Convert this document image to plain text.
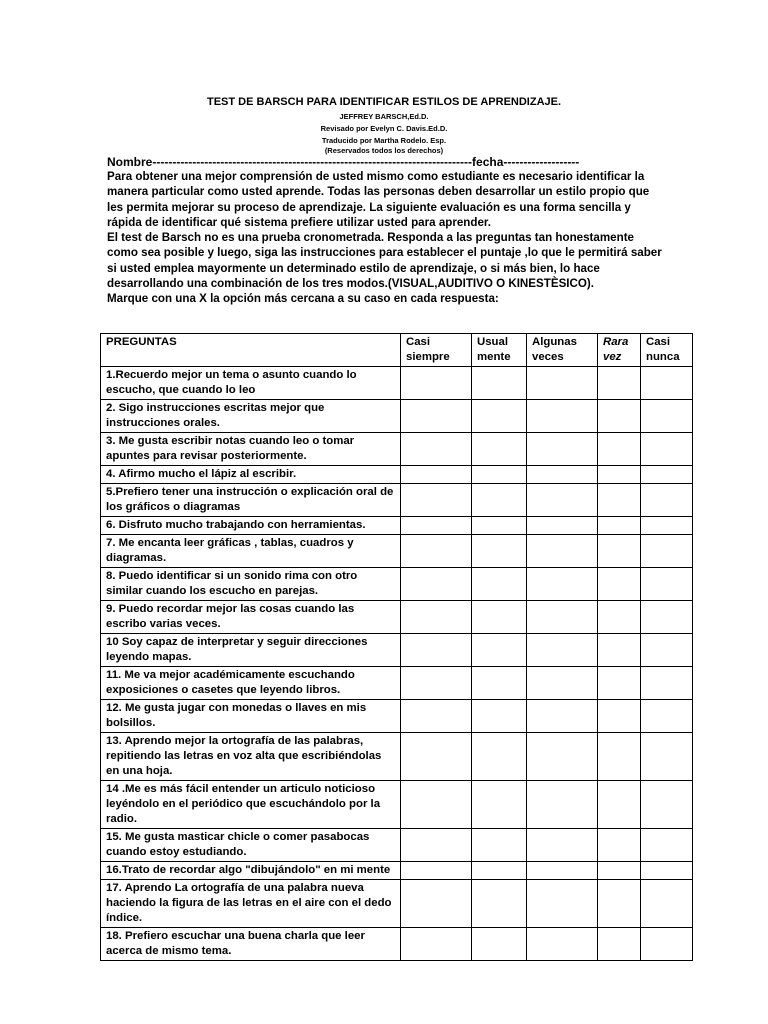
TEST DE BARSCH PARA IDENTIFICAR ESTILOS DE APRENDIZAJE.
JEFFREY BARSCH,Ed.D.
Revisado por Evelyn C. Davis.Ed.D.
Traducido por Martha Rodelo. Esp.
(Reservados todos los derechos)
Nombre--------------------------------------------------------------------------------fecha-------------------

Para obtener una mejor comprensión de usted mismo como estudiante es necesario identificar la manera particular como usted aprende. Todas las personas deben desarrollar un estilo propio que les permita mejorar su proceso de aprendizaje. La siguiente evaluación es una forma sencilla y rápida de identificar qué sistema prefiere utilizar usted para aprender.

El test de Barsch no es una prueba cronometrada. Responda a las preguntas tan honestamente como sea posible y luego, siga las instrucciones para establecer el puntaje ,lo que le permitirá saber si usted emplea mayormente un determinado estilo de aprendizaje, o si más bien, lo hace desarrollando una combinación de los tres modos.(VISUAL,AUDITIVO O KINESTÈSICO).

Marque con una X la opción más cercana a su caso en cada respuesta:

PREGUNTAS	Casi siempre	Usual mente	Algunas veces	Rara vez	Casi nunca
1.Recuerdo mejor un tema o asunto cuando lo escucho, que cuando lo leo					
2. Sigo instrucciones escritas mejor que instrucciones orales.					
3. Me gusta escribir notas cuando leo o tomar apuntes para revisar posteriormente.					
4. Afirmo mucho el lápiz al escribir.					
5.Prefiero tener una instrucción o explicación oral de los gráficos o diagramas					
6. Disfruto mucho trabajando con herramientas.					
7. Me encanta leer gráficas , tablas, cuadros y diagramas.					
8. Puedo identificar si un sonido rima con otro similar cuando los escucho en parejas.					
9. Puedo recordar mejor las cosas cuando las escribo varias veces.					
10 Soy capaz de interpretar y seguir direcciones leyendo mapas.					
11. Me va mejor académicamente escuchando exposiciones o casetes que leyendo libros.					
12. Me gusta jugar con monedas o llaves en mis bolsillos.					
13. Aprendo mejor la ortografía de las palabras, repitiendo las letras en voz alta que escribiéndolas en una hoja.					
14 .Me es más fácil entender un articulo noticioso leyéndolo en el periódico que escuchándolo por la radio.					
15. Me gusta masticar chicle o comer pasabocas cuando estoy estudiando.					
16.Trato de recordar algo "dibujándolo" en mi mente					
17. Aprendo La ortografía de una palabra nueva haciendo la figura de las letras en el aire con el dedo índice.					
18. Prefiero escuchar una buena charla que leer acerca de mismo tema.					
